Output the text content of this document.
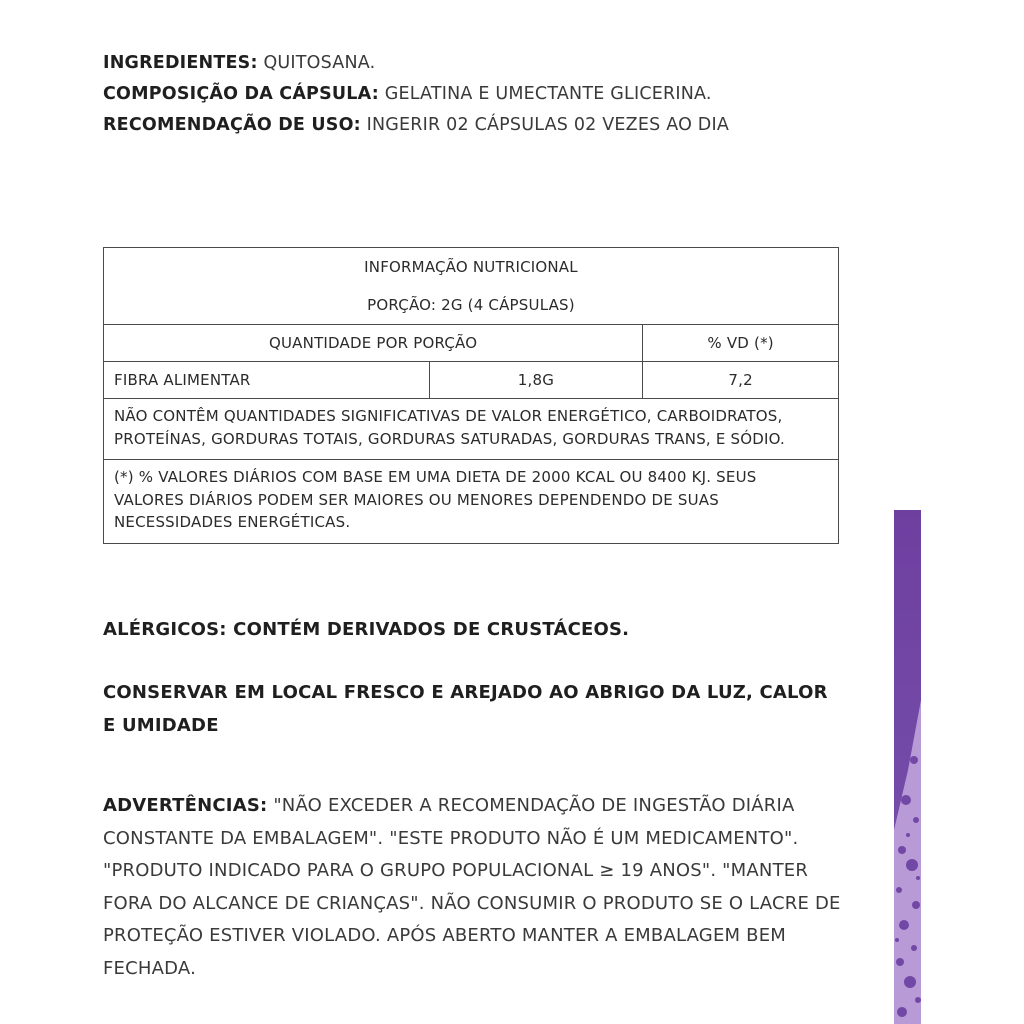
INGREDIENTES: QUITOSANA.
COMPOSIÇÃO DA CÁPSULA: GELATINA E UMECTANTE GLICERINA.
RECOMENDAÇÃO DE USO: INGERIR 02 CÁPSULAS 02 VEZES AO DIA
INFORMAÇÃO NUTRICIONAL
PORÇÃO: 2G (4 CÁPSULAS)		

QUANTIDADE POR PORÇÃO		% VD (*)
FIBRA ALIMENTAR	1,8G	7,2
NÃO CONTÊM QUANTIDADES SIGNIFICATIVAS DE VALOR ENERGÉTICO, CARBOIDRATOS, PROTEÍNAS, GORDURAS TOTAIS, GORDURAS SATURADAS, GORDURAS TRANS, E SÓDIO.		
(*) % VALORES DIÁRIOS COM BASE EM UMA DIETA DE 2000 KCAL OU 8400 KJ. SEUS VALORES DIÁRIOS PODEM SER MAIORES OU MENORES DEPENDENDO DE SUAS NECESSIDADES ENERGÉTICAS.		
ALÉRGICOS: CONTÉM DERIVADOS DE CRUSTÁCEOS.
CONSERVAR EM LOCAL FRESCO E AREJADO AO ABRIGO DA LUZ, CALOR E UMIDADE
ADVERTÊNCIAS: "NÃO EXCEDER A RECOMENDAÇÃO DE INGESTÃO DIÁRIA CONSTANTE DA EMBALAGEM". "ESTE PRODUTO NÃO É UM MEDICAMENTO". "PRODUTO INDICADO PARA O GRUPO POPULACIONAL ≥ 19 ANOS". "MANTER FORA DO ALCANCE DE CRIANÇAS". NÃO CONSUMIR O PRODUTO SE O LACRE DE PROTEÇÃO ESTIVER VIOLADO. APÓS ABERTO MANTER A EMBALAGEM BEM FECHADA.
